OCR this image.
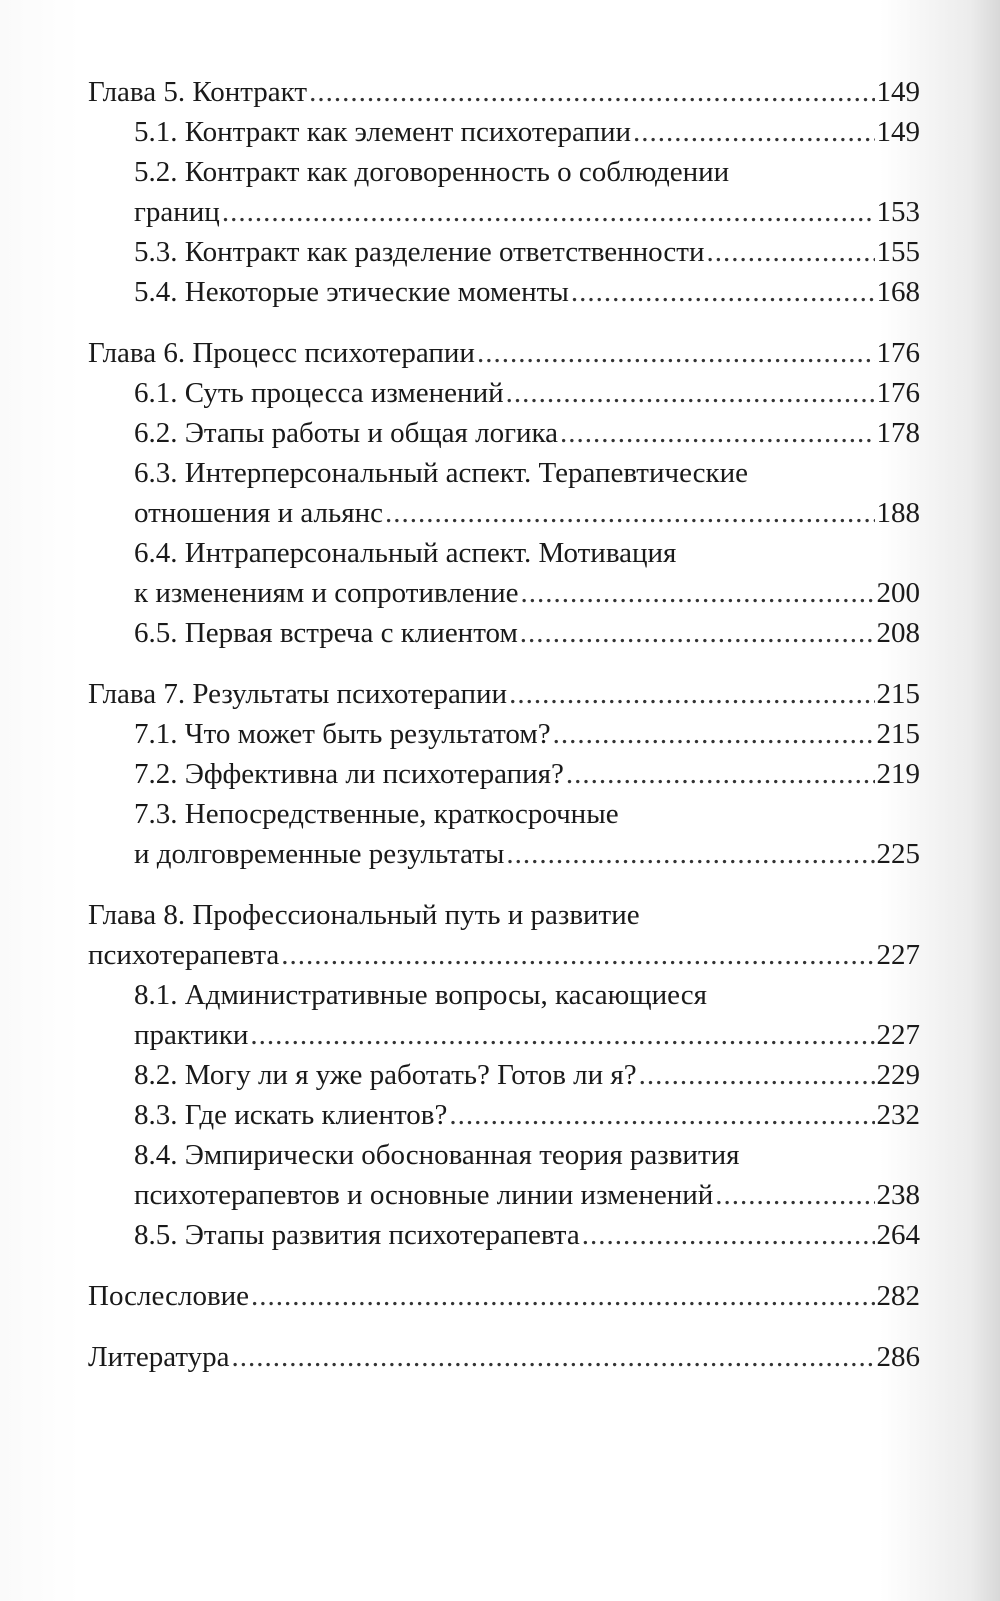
Глава 5. Контракт .....	149
5.1. Контракт как элемент психотерапии .....	149
5.2. Контракт как договоренность о соблюдении
границ .....	153
5.3. Контракт как разделение ответственности .....	155
5.4. Некоторые этические моменты .....	168
Глава 6. Процесс психотерапии .....	176
6.1. Суть процесса изменений .....	176
6.2. Этапы работы и общая логика .....	178
6.3. Интерперсональный аспект. Терапевтические
отношения и альянс .....	188
6.4. Интраперсональный аспект. Мотивация
к изменениям и сопротивление .....	200
6.5. Первая встреча с клиентом .....	208
Глава 7. Результаты психотерапии .....	215
7.1. Что может быть результатом? .....	215
7.2. Эффективна ли психотерапия? .....	219
7.3. Непосредственные, краткосрочные
и долговременные результаты .....	225
Глава 8. Профессиональный путь и развитие
психотерапевта .....	227
8.1. Административные вопросы, касающиеся
практики .....	227
8.2. Могу ли я уже работать? Готов ли я? .....	229
8.3. Где искать клиентов? .....	232
8.4. Эмпирически обоснованная теория развития
психотерапевтов и основные линии изменений .....	238
8.5. Этапы развития психотерапевта .....	264
Послесловие .....	282
Литература .....	286
